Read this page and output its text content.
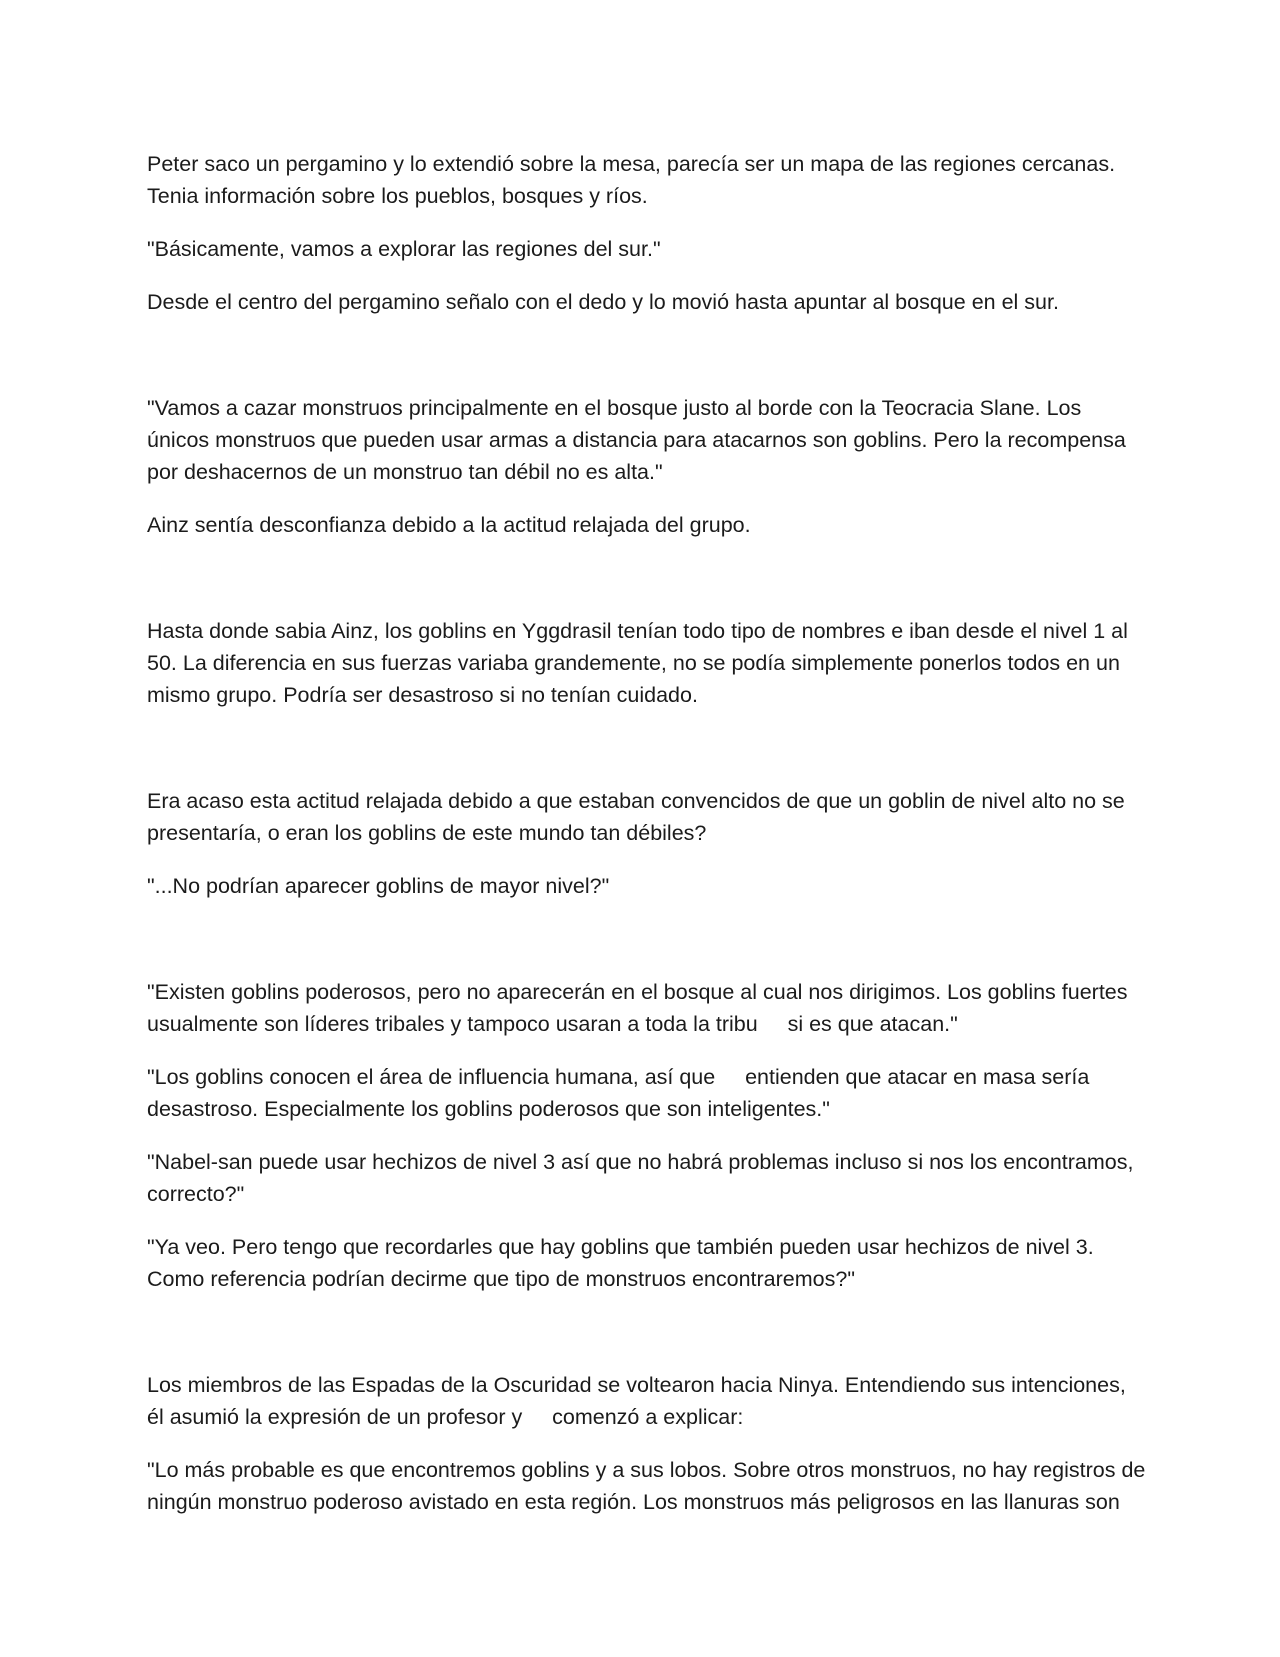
Peter saco un pergamino y lo extendió sobre la mesa, parecía ser un mapa de las regiones cercanas. Tenia información sobre los pueblos, bosques y ríos.

"Básicamente, vamos a explorar las regiones del sur."

Desde el centro del pergamino señalo con el dedo y lo movió hasta apuntar al bosque en el sur.

"Vamos a cazar monstruos principalmente en el bosque justo al borde con la Teocracia Slane. Los únicos monstruos que pueden usar armas a distancia para atacarnos son goblins. Pero la recompensa por deshacernos de un monstruo tan débil no es alta."

Ainz sentía desconfianza debido a la actitud relajada del grupo.

Hasta donde sabia Ainz, los goblins en Yggdrasil tenían todo tipo de nombres e iban desde el nivel 1 al 50. La diferencia en sus fuerzas variaba grandemente, no se podía simplemente ponerlos todos en un mismo grupo. Podría ser desastroso si no tenían cuidado.

Era acaso esta actitud relajada debido a que estaban convencidos de que un goblin de nivel alto no se presentaría, o eran los goblins de este mundo tan débiles?

"...No podrían aparecer goblins de mayor nivel?"

"Existen goblins poderosos, pero no aparecerán en el bosque al cual nos dirigimos. Los goblins fuertes usualmente son líderes tribales y tampoco usaran a toda la tribu     si es que atacan."

"Los goblins conocen el área de influencia humana, así que     entienden que atacar en masa sería desastroso. Especialmente los goblins poderosos que son inteligentes."

"Nabel-san puede usar hechizos de nivel 3 así que no habrá problemas incluso si nos los encontramos, correcto?"

"Ya veo. Pero tengo que recordarles que hay goblins que también pueden usar hechizos de nivel 3. Como referencia podrían decirme que tipo de monstruos encontraremos?"

Los miembros de las Espadas de la Oscuridad se voltearon hacia Ninya. Entendiendo sus intenciones, él asumió la expresión de un profesor y     comenzó a explicar:

"Lo más probable es que encontremos goblins y a sus lobos. Sobre otros monstruos, no hay registros de ningún monstruo poderoso avistado en esta región. Los monstruos más peligrosos en las llanuras son
